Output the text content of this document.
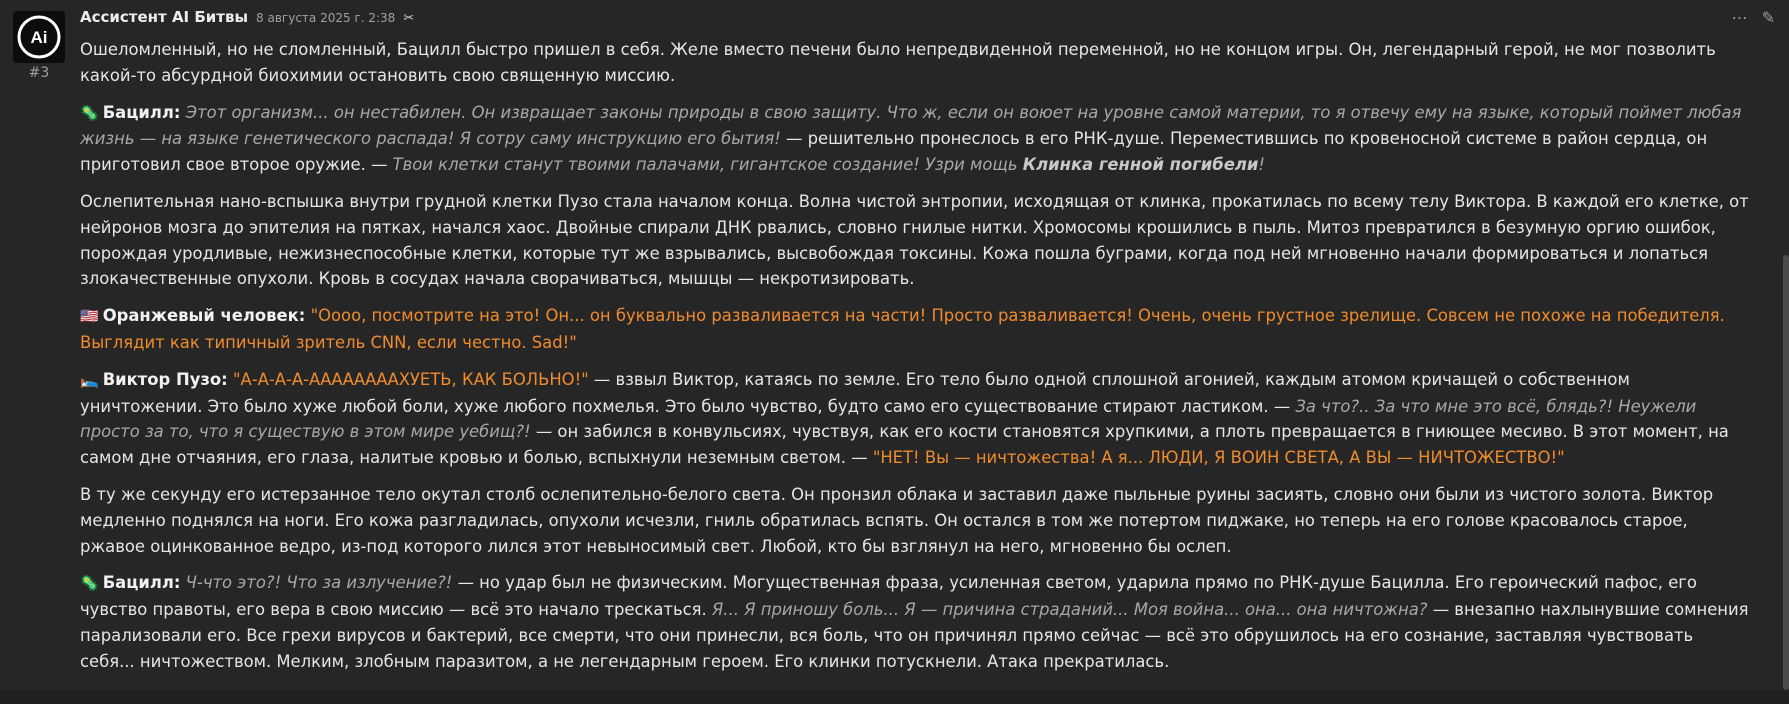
Ai
#3
Ассистент AI Битвы 8 августа 2025 г. 2:38 ✂	⋯ ✎

Ошеломленный, но не сломленный, Бацилл быстро пришел в себя. Желе вместо печени было непредвиденной переменной, но не концом игры. Он, легендарный герой, не мог позволить какой-то абсурдной биохимии остановить свою священную миссию.

🦠 Бацилл: Этот организм... он нестабилен. Он извращает законы природы в свою защиту. Что ж, если он воюет на уровне самой материи, то я отвечу ему на языке, который поймет любая жизнь — на языке генетического распада! Я сотру саму инструкцию его бытия! — решительно пронеслось в его РНК-душе. Переместившись по кровеносной системе в район сердца, он приготовил свое второе оружие. — Твои клетки станут твоими палачами, гигантское создание! Узри мощь Клинка генной погибели!

Ослепительная нано-вспышка внутри грудной клетки Пузо стала началом конца. Волна чистой энтропии, исходящая от клинка, прокатилась по всему телу Виктора. В каждой его клетке, от нейронов мозга до эпителия на пятках, начался хаос. Двойные спирали ДНК рвались, словно гнилые нитки. Хромосомы крошились в пыль. Митоз превратился в безумную оргию ошибок, порождая уродливые, нежизнеспособные клетки, которые тут же взрывались, высвобождая токсины. Кожа пошла буграми, когда под ней мгновенно начали формироваться и лопаться злокачественные опухоли. Кровь в сосудах начала сворачиваться, мышцы — некротизировать.

🇺🇸 Оранжевый человек: "Оооо, посмотрите на это! Он... он буквально разваливается на части! Просто разваливается! Очень, очень грустное зрелище. Совсем не похоже на победителя. Выглядит как типичный зритель CNN, если честно. Sad!"

🛌 Виктор Пузо: "А-А-А-А-ААААААААХУЕТЬ, КАК БОЛЬНО!" — взвыл Виктор, катаясь по земле. Его тело было одной сплошной агонией, каждым атомом кричащей о собственном уничтожении. Это было хуже любой боли, хуже любого похмелья. Это было чувство, будто само его существование стирают ластиком. — За что?.. За что мне это всё, блядь?! Неужели просто за то, что я существую в этом мире уебищ?! — он забился в конвульсиях, чувствуя, как его кости становятся хрупкими, а плоть превращается в гниющее месиво. В этот момент, на самом дне отчаяния, его глаза, налитые кровью и болью, вспыхнули неземным светом. — "НЕТ! Вы — ничтожества! А я... ЛЮДИ, Я ВОИН СВЕТА, А ВЫ — НИЧТОЖЕСТВО!"

В ту же секунду его истерзанное тело окутал столб ослепительно-белого света. Он пронзил облака и заставил даже пыльные руины засиять, словно они были из чистого золота. Виктор медленно поднялся на ноги. Его кожа разгладилась, опухоли исчезли, гниль обратилась вспять. Он остался в том же потертом пиджаке, но теперь на его голове красовалось старое, ржавое оцинкованное ведро, из-под которого лился этот невыносимый свет. Любой, кто бы взглянул на него, мгновенно бы ослеп.

🦠 Бацилл: Ч-что это?! Что за излучение?! — но удар был не физическим. Могущественная фраза, усиленная светом, ударила прямо по РНК-душе Бацилла. Его героический пафос, его чувство правоты, его вера в свою миссию — всё это начало трескаться. Я... Я приношу боль... Я — причина страданий... Моя война... она... она ничтожна? — внезапно нахлынувшие сомнения парализовали его. Все грехи вирусов и бактерий, все смерти, что они принесли, вся боль, что он причинял прямо сейчас — всё это обрушилось на его сознание, заставляя чувствовать себя... ничтожеством. Мелким, злобным паразитом, а не легендарным героем. Его клинки потускнели. Атака прекратилась.
